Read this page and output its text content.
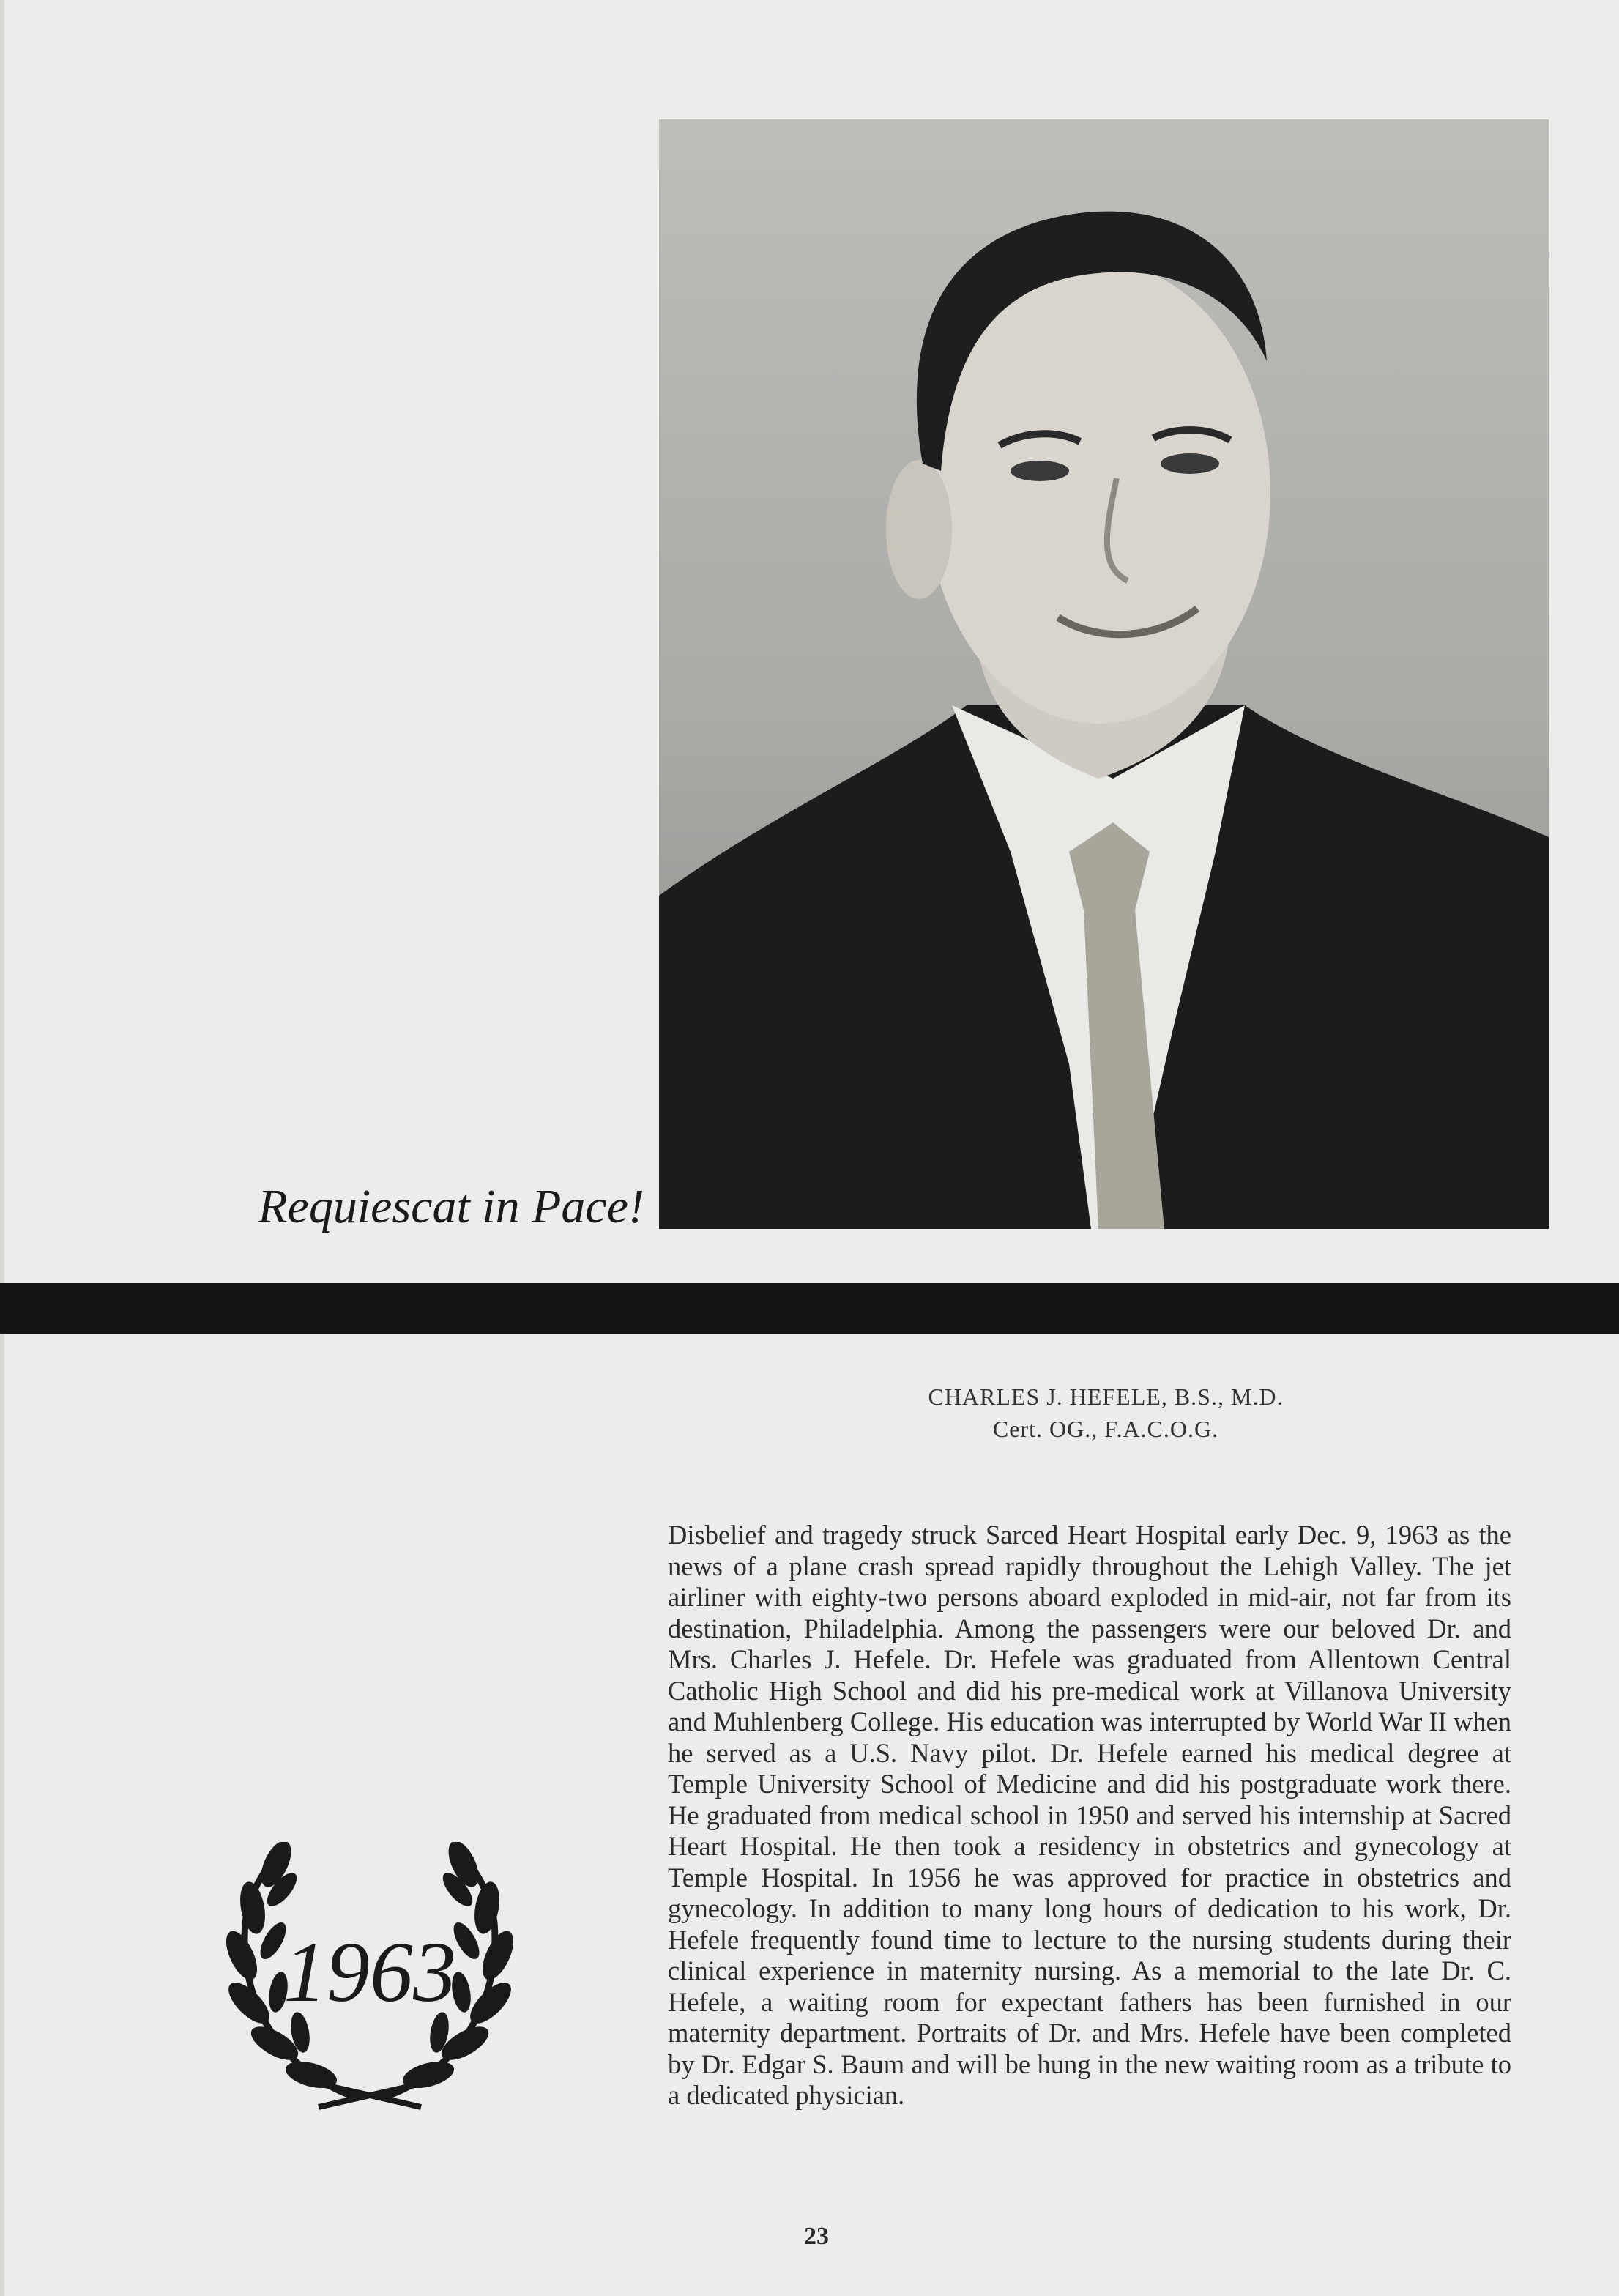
Requiescat in Pace!
CHARLES J. HEFELE, B.S., M.D.
Cert. OG., F.A.C.O.G.
Disbelief and tragedy struck Sarced Heart Hospital early Dec. 9, 1963 as the news of a plane crash spread rapidly throughout the Lehigh Valley. The jet airliner with eighty-two persons aboard exploded in mid-air, not far from its destination, Philadelphia. Among the passengers were our beloved Dr. and Mrs. Charles J. Hefele. Dr. Hefele was graduated from Allentown Central Catholic High School and did his pre-medical work at Villanova University and Muhlenberg College. His education was interrupted by World War II when he served as a U.S. Navy pilot. Dr. Hefele earned his medical degree at Temple University School of Medicine and did his postgraduate work there. He graduated from medical school in 1950 and served his internship at Sacred Heart Hospital. He then took a residency in obstetrics and gynecology at Temple Hospital. In 1956 he was approved for practice in obstetrics and gynecology. In addition to many long hours of dedication to his work, Dr. Hefele frequently found time to lecture to the nursing students during their clinical experience in maternity nursing. As a memorial to the late Dr. C. Hefele, a waiting room for expectant fathers has been furnished in our maternity department. Portraits of Dr. and Mrs. Hefele have been completed by Dr. Edgar S. Baum and will be hung in the new waiting room as a tribute to a dedicated physician.
1963
23
